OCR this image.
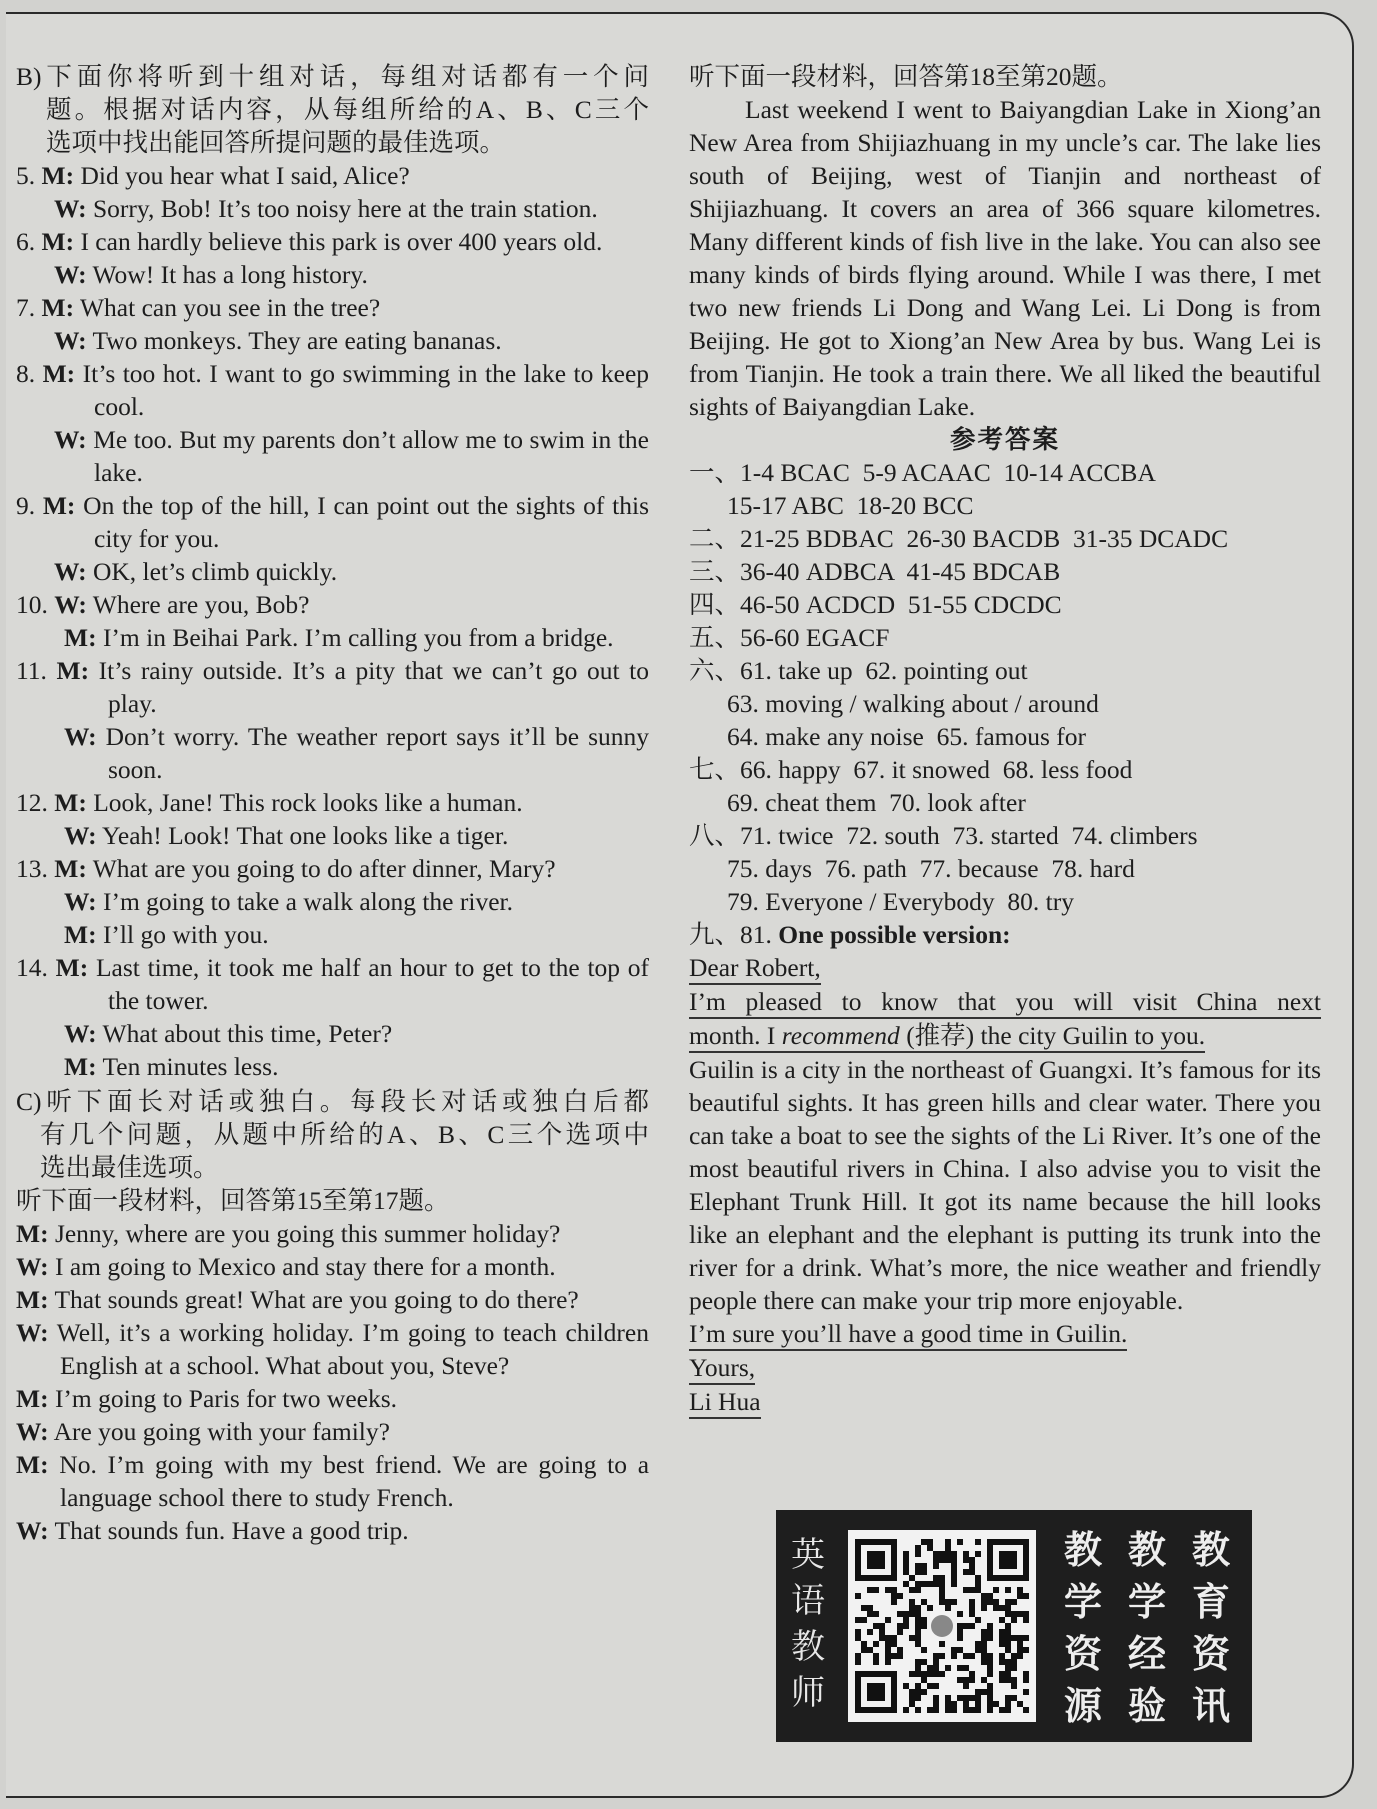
B)下面你将听到十组对话，每组对话都有一个问
题。根据对话内容，从每组所给的A、B、C三个
选项中找出能回答所提问题的最佳选项。
5. M: Did you hear what I said, Alice?
W: Sorry, Bob! It’s too noisy here at the train station.
6. M: I can hardly believe this park is over 400 years old.
W: Wow! It has a long history.
7. M: What can you see in the tree?
W: Two monkeys. They are eating bananas.
8. M: It’s too hot. I want to go swimming in the lake to keep cool.
W: Me too. But my parents don’t allow me to swim in the lake.
9. M: On the top of the hill, I can point out the sights of this city for you.
W: OK, let’s climb quickly.
10. W: Where are you, Bob?
M: I’m in Beihai Park. I’m calling you from a bridge.
11. M: It’s rainy outside. It’s a pity that we can’t go out to play.
W: Don’t worry. The weather report says it’ll be sunny soon.
12. M: Look, Jane! This rock looks like a human.
W: Yeah! Look! That one looks like a tiger.
13. M: What are you going to do after dinner, Mary?
W: I’m going to take a walk along the river.
M: I’ll go with you.
14. M: Last time, it took me half an hour to get to the top of the tower.
W: What about this time, Peter?
M: Ten minutes less.
C)听下面长对话或独白。每段长对话或独白后都
有几个问题，从题中所给的A、B、C三个选项中
选出最佳选项。
听下面一段材料，回答第15至第17题。
M: Jenny, where are you going this summer holiday?
W: I am going to Mexico and stay there for a month.
M: That sounds great! What are you going to do there?
W: Well, it’s a working holiday. I’m going to teach children English at a school. What about you, Steve?
M: I’m going to Paris for two weeks.
W: Are you going with your family?
M: No. I’m going with my best friend. We are going to a language school there to study French.
W: That sounds fun. Have a good trip.
听下面一段材料，回答第18至第20题。
Last weekend I went to Baiyangdian Lake in Xiong’an New Area from Shijiazhuang in my uncle’s car. The lake lies south of Beijing, west of Tianjin and northeast of Shijiazhuang. It covers an area of 366 square kilometres. Many different kinds of fish live in the lake. You can also see many kinds of birds flying around. While I was there, I met two new friends Li Dong and Wang Lei. Li Dong is from Beijing. He got to Xiong’an New Area by bus. Wang Lei is from Tianjin. He took a train there. We all liked the beautiful sights of Baiyangdian Lake.
参考答案
一、1-4 BCAC  5-9 ACAAC  10-14 ACCBA
15-17 ABC  18-20 BCC
二、21-25 BDBAC  26-30 BACDB  31-35 DCADC
三、36-40 ADBCA  41-45 BDCAB
四、46-50 ACDCD  51-55 CDCDC
五、56-60 EGACF
六、61. take up  62. pointing out
63. moving / walking about / around
64. make any noise  65. famous for
七、66. happy  67. it snowed  68. less food
69. cheat them  70. look after
八、71. twice  72. south  73. started  74. climbers
75. days  76. path  77. because  78. hard
79. Everyone / Everybody  80. try
九、81. One possible version:
Dear Robert,
I’m pleased to know that you will visit China next
month. I recommend (推荐) the city Guilin to you.
Guilin is a city in the northeast of Guangxi. It’s famous for its beautiful sights. It has green hills and clear water. There you can take a boat to see the sights of the Li River. It’s one of the most beautiful rivers in China. I also advise you to visit the Elephant Trunk Hill. It got its name because the hill looks like an elephant and the elephant is putting its trunk into the river for a drink. What’s more, the nice weather and friendly people there can make your trip more enjoyable.
I’m sure you’ll have a good time in Guilin.
Yours,
Li Hua
英
语
教
师
教 教 教
学 学 育
资 经 资
源 验 讯
